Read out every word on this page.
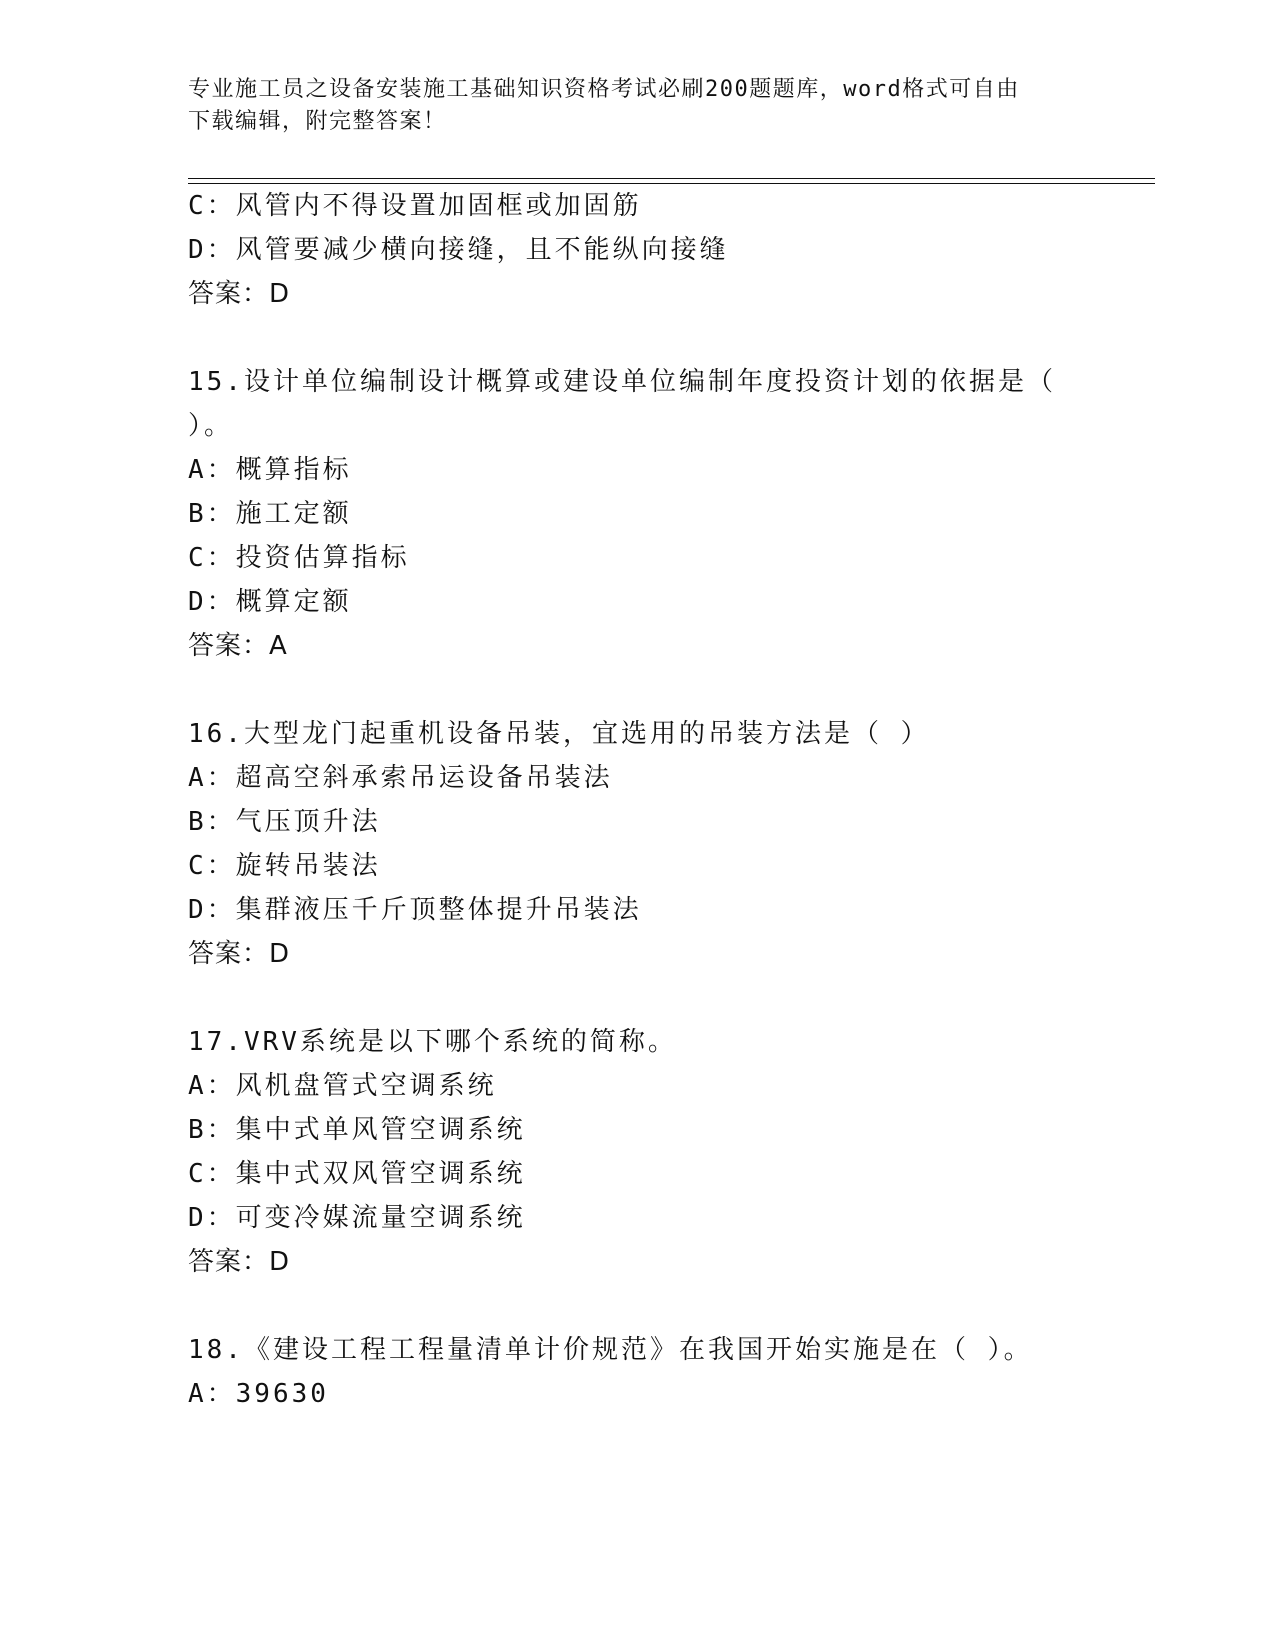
专业施工员之设备安装施工基础知识资格考试必刷200题题库，word格式可自由
下载编辑，附完整答案！
C：风管内不得设置加固框或加固筋
D：风管要减少横向接缝，且不能纵向接缝
答案：D
15.设计单位编制设计概算或建设单位编制年度投资计划的依据是（
）。
A：概算指标
B：施工定额
C：投资估算指标
D：概算定额
答案：A
16.大型龙门起重机设备吊装，宜选用的吊装方法是（ ）
A：超高空斜承索吊运设备吊装法
B：气压顶升法
C：旋转吊装法
D：集群液压千斤顶整体提升吊装法
答案：D
17.VRV系统是以下哪个系统的简称。
A：风机盘管式空调系统
B：集中式单风管空调系统
C：集中式双风管空调系统
D：可变冷媒流量空调系统
答案：D
18.《建设工程工程量清单计价规范》在我国开始实施是在（ ）。
A：39630
